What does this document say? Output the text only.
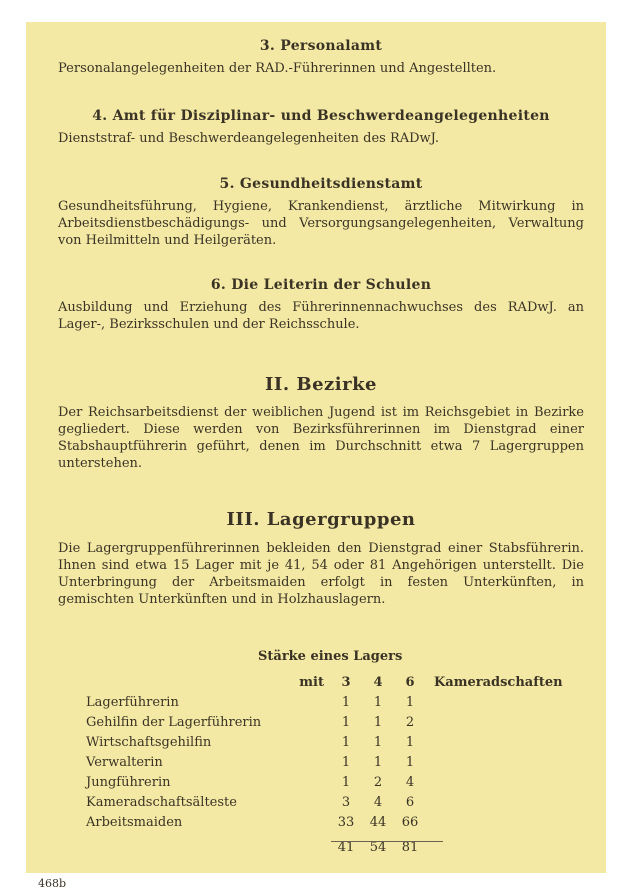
3. Personalamt

Personalangelegenheiten der RAD.-Führerinnen und Angestellten.

4. Amt für Disziplinar- und Beschwerdeangelegenheiten

Dienststraf- und Beschwerdeangelegenheiten des RADwJ.

5. Gesundheitsdienstamt

Gesundheitsführung, Hygiene, Krankendienst, ärztliche Mitwirkung in Arbeitsdienstbeschädigungs- und Versorgungsangelegenheiten, Verwaltung von Heilmitteln und Heilgeräten.

6. Die Leiterin der Schulen

Ausbildung und Erziehung des Führerinnennachwuchses des RADwJ. an Lager-, Bezirksschulen und der Reichsschule.

II. Bezirke

Der Reichsarbeitsdienst der weiblichen Jugend ist im Reichsgebiet in Bezirke gegliedert. Diese werden von Bezirksführerinnen im Dienstgrad einer Stabshauptführerin geführt, denen im Durchschnitt etwa 7 Lagergruppen unterstehen.

III. Lagergruppen

Die Lagergruppenführerinnen bekleiden den Dienstgrad einer Stabsführerin. Ihnen sind etwa 15 Lager mit je 41, 54 oder 81 Angehörigen unterstellt. Die Unterbringung der Arbeitsmaiden erfolgt in festen Unterkünften, in gemischten Unterkünften und in Holzhauslagern.

Stärke eines Lagers
mit	3	4	6	Kameradschaften
Lagerführerin	1	1	1	
Gehilfin der Lagerführerin	1	1	2	
Wirtschaftsgehilfin	1	1	1	
Verwalterin	1	1	1	
Jungführerin	1	2	4	
Kameradschaftsälteste	3	4	6	
Arbeitsmaiden	33	44	66	
	41	54	81	
468b
